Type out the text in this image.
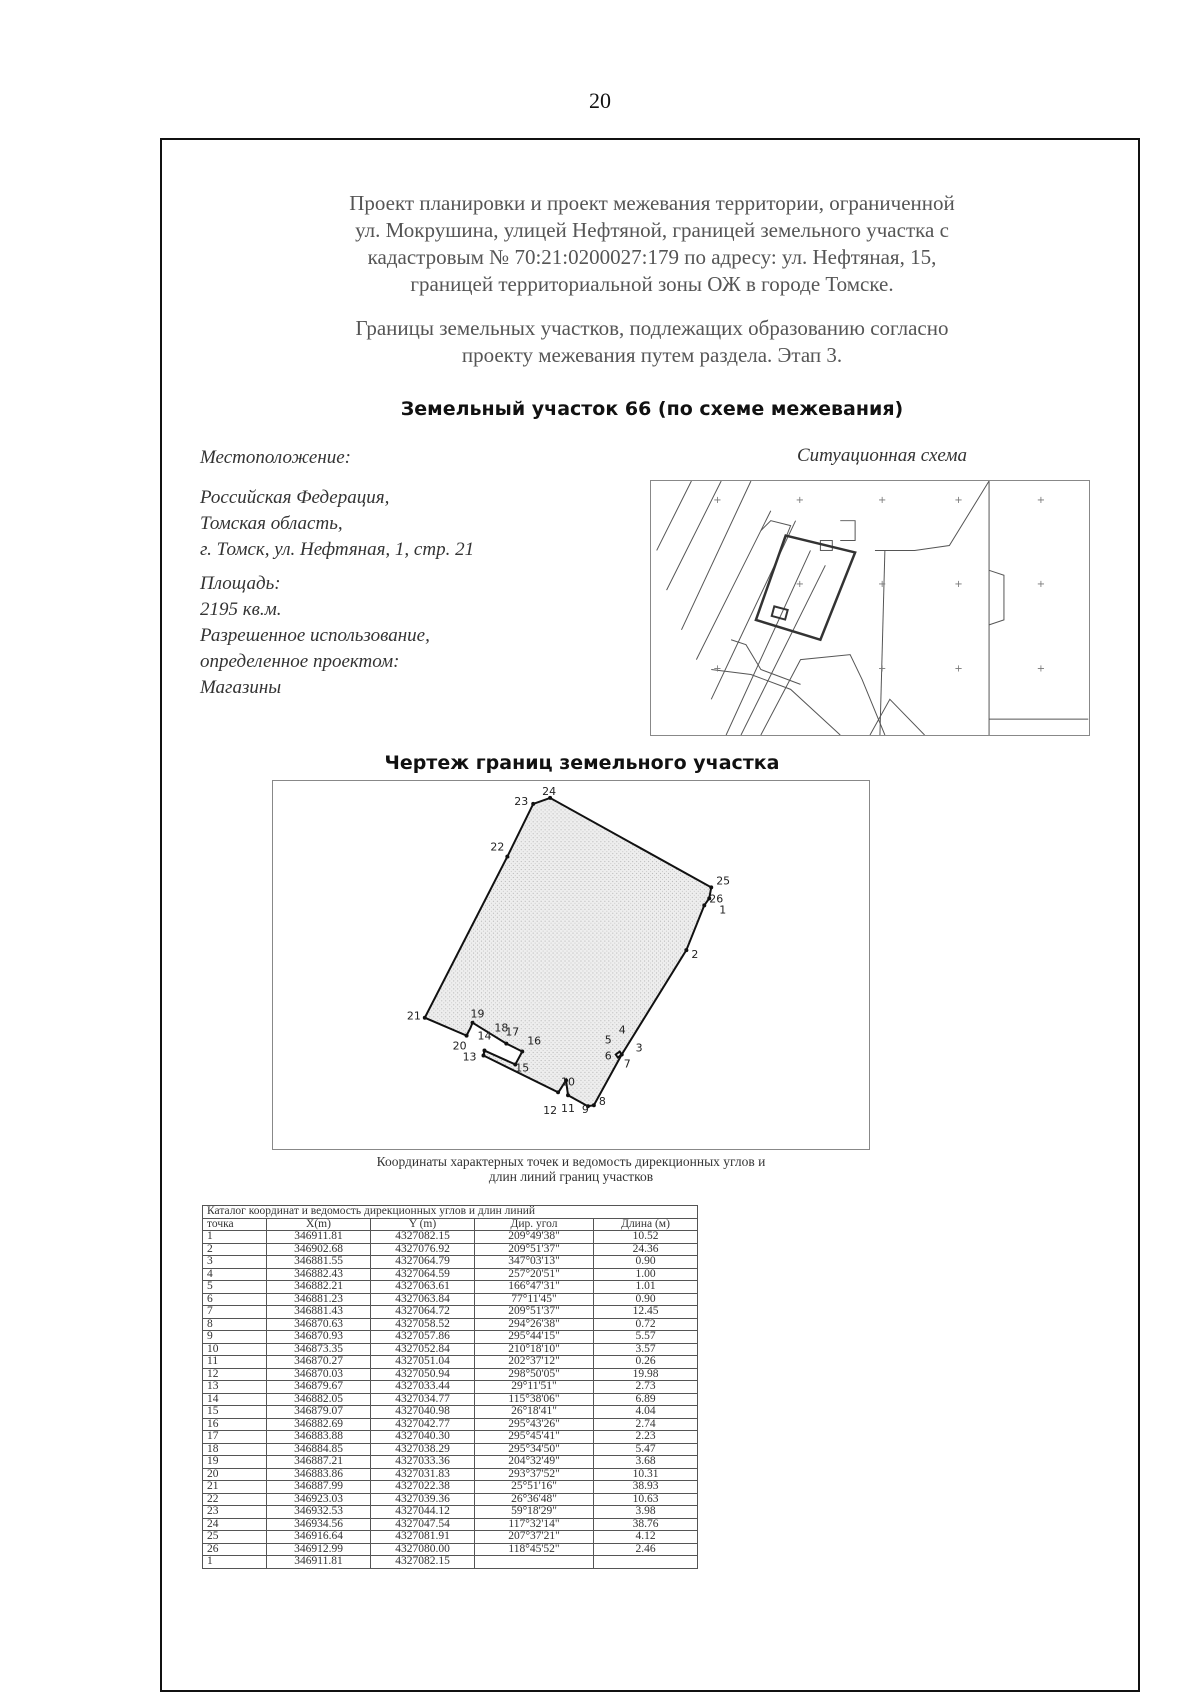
20
Проект планировки и проект межевания территории, ограниченной
ул. Мокрушина, улицей Нефтяной, границей земельного участка с
кадастровым № 70:21:0200027:179 по адресу: ул. Нефтяная, 15,
границей территориальной зоны ОЖ в городе Томске.
Границы земельных участков, подлежащих образованию согласно
проекту межевания путем раздела. Этап 3.
Земельный участок 66 (по схеме межевания)
Местоположение:
Российская Федерация,
Томская область,
г. Томск, ул. Нефтяная, 1, стр. 21
Площадь:
2195 кв.м.
Разрешенное использование,
определенное проектом:
Магазины
Ситуационная схема
+	+	+	+	+
+	+	+	+
+	+	+	+
Чертеж границ земельного участка
1
2
3
4
5
6
7
8
9
10
11
12
13
14
15
16
17
18
19
20
21
22
23
24
25
26
Координаты характерных точек и ведомость дирекционных углов и
длин линий границ участков
Каталог координат и ведомость дирекционных углов и длин линий				
точка	X(m)	Y (m)	Дир. угол	Длина (м)
1	346911.81	4327082.15	209°49'38"	10.52
2	346902.68	4327076.92	209°51'37"	24.36
3	346881.55	4327064.79	347°03'13"	0.90
4	346882.43	4327064.59	257°20'51"	1.00
5	346882.21	4327063.61	166°47'31"	1.01
6	346881.23	4327063.84	77°11'45"	0.90
7	346881.43	4327064.72	209°51'37"	12.45
8	346870.63	4327058.52	294°26'38"	0.72
9	346870.93	4327057.86	295°44'15"	5.57
10	346873.35	4327052.84	210°18'10"	3.57
11	346870.27	4327051.04	202°37'12"	0.26
12	346870.03	4327050.94	298°50'05"	19.98
13	346879.67	4327033.44	29°11'51"	2.73
14	346882.05	4327034.77	115°38'06"	6.89
15	346879.07	4327040.98	26°18'41"	4.04
16	346882.69	4327042.77	295°43'26"	2.74
17	346883.88	4327040.30	295°45'41"	2.23
18	346884.85	4327038.29	295°34'50"	5.47
19	346887.21	4327033.36	204°32'49"	3.68
20	346883.86	4327031.83	293°37'52"	10.31
21	346887.99	4327022.38	25°51'16"	38.93
22	346923.03	4327039.36	26°36'48"	10.63
23	346932.53	4327044.12	59°18'29"	3.98
24	346934.56	4327047.54	117°32'14"	38.76
25	346916.64	4327081.91	207°37'21"	4.12
26	346912.99	4327080.00	118°45'52"	2.46
1	346911.81	4327082.15		
